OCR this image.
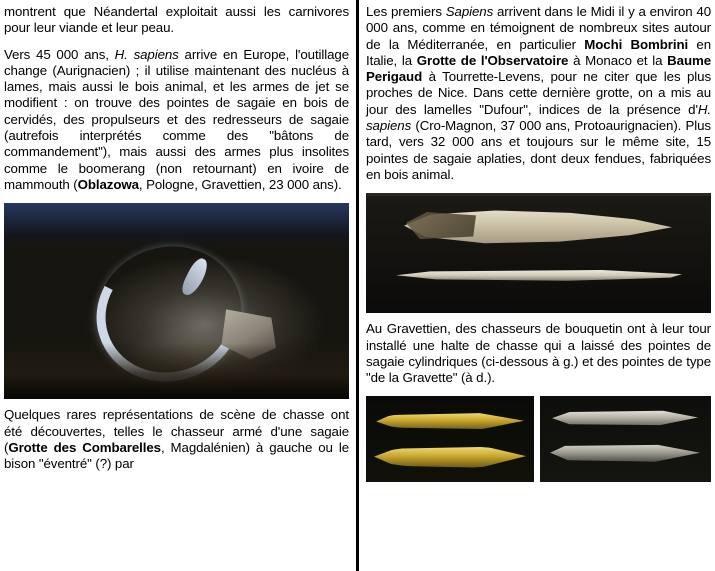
montrent que Néandertal exploitait aussi les carnivores pour leur viande et leur peau.

Vers 45 000 ans, H. sapiens arrive en Europe, l'outillage change (Aurignacien) ; il utilise maintenant des nucléus à lames, mais aussi le bois animal, et les armes de jet se modifient : on trouve des pointes de sagaie en bois de cervidés, des propulseurs et des redresseurs de sagaie (autrefois interprétés comme des "bâtons de commandement"), mais aussi des armes plus insolites comme le boomerang (non retournant) en ivoire de mammouth (Oblazowa, Pologne, Gravettien, 23 000 ans).

Quelques rares représentations de scène de chasse ont été découvertes, telles le chasseur armé d'une sagaie (Grotte des Combarelles, Magdalénien) à gauche ou le bison "éventré" (?) par

Les premiers Sapiens arrivent dans le Midi il y a environ 40 000 ans, comme en témoignent de nombreux sites autour de la Méditerranée, en particulier Mochi Bombrini en Italie, la Grotte de l'Observatoire à Monaco et la Baume Perigaud à Tourrette-Levens, pour ne citer que les plus proches de Nice. Dans cette dernière grotte, on a mis au jour des lamelles "Dufour", indices de la présence d'H. sapiens (Cro-Magnon, 37 000 ans, Protoaurignacien). Plus tard, vers 32 000 ans et toujours sur le même site, 15 pointes de sagaie aplaties, dont deux fendues, fabriquées en bois animal.

Au Gravettien, des chasseurs de bouquetin ont à leur tour installé une halte de chasse qui a laissé des pointes de sagaie cylindriques (ci-dessous à g.) et des pointes de type "de la Gravette" (à d.).
